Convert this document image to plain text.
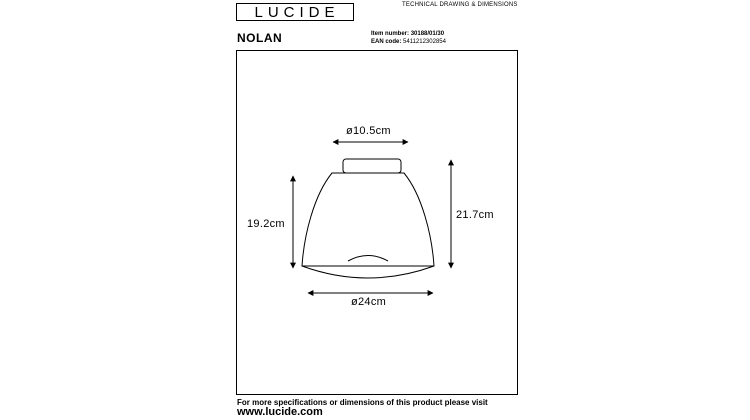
LUCIDE	TECHNICAL DRAWING & DIMENSIONS
NOLAN	Item number: 30188/01/30
EAN code: 5411212302854
ø10.5cm
19.2cm
21.7cm
ø24cm
For more specifications or dimensions of this product please visit
www.lucide.com
